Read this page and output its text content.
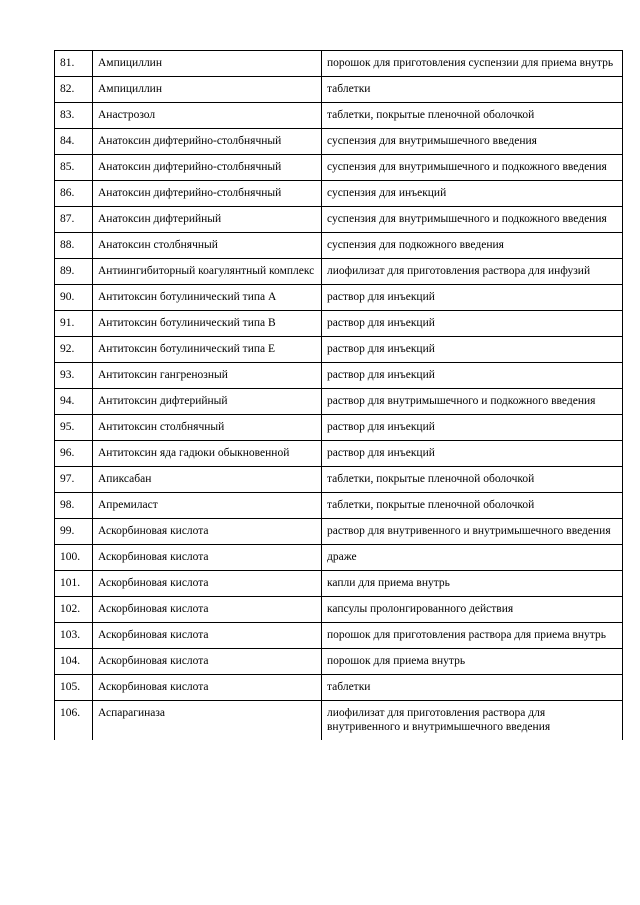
81.	Ампициллин	порошок для приготовления суспензии для приема внутрь
82.	Ампициллин	таблетки
83.	Анастрозол	таблетки, покрытые пленочной оболочкой
84.	Анатоксин дифтерийно-столбнячный	суспензия для внутримышечного введения
85.	Анатоксин дифтерийно-столбнячный	суспензия для внутримышечного и подкожного введения
86.	Анатоксин дифтерийно-столбнячный	суспензия для инъекций
87.	Анатоксин дифтерийный	суспензия для внутримышечного и подкожного введения
88.	Анатоксин столбнячный	суспензия для подкожного введения
89.	Антиингибиторный коагулянтный комплекс	лиофилизат для приготовления раствора для инфузий
90.	Антитоксин ботулинический типа А	раствор для инъекций
91.	Антитоксин ботулинический типа В	раствор для инъекций
92.	Антитоксин ботулинический типа Е	раствор для инъекций
93.	Антитоксин гангренозный	раствор для инъекций
94.	Антитоксин дифтерийный	раствор для внутримышечного и подкожного введения
95.	Антитоксин столбнячный	раствор для инъекций
96.	Антитоксин яда гадюки обыкновенной	раствор для инъекций
97.	Апиксабан	таблетки, покрытые пленочной оболочкой
98.	Апремиласт	таблетки, покрытые пленочной оболочкой
99.	Аскорбиновая кислота	раствор для внутривенного и внутримышечного введения
100.	Аскорбиновая кислота	драже
101.	Аскорбиновая кислота	капли для приема внутрь
102.	Аскорбиновая кислота	капсулы пролонгированного действия
103.	Аскорбиновая кислота	порошок для приготовления раствора для приема внутрь
104.	Аскорбиновая кислота	порошок для приема внутрь
105.	Аскорбиновая кислота	таблетки
106.	Аспарагиназа	лиофилизат для приготовления раствора для внутривенного и внутримышечного введения
